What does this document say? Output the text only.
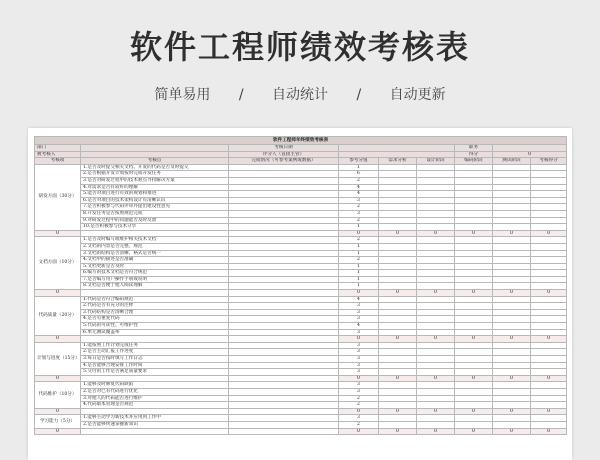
软件工程师绩效考核表
简单易用 / 自动统计 / 自动更新
软件工程师年终绩效考核表								
部门		考核日期				职务		
被考核人		评分人（直接主管）				得分	0	
考核项	考核点	完成情况（可参考案例或数据）	参考分值	需求分析	设计阶段	编码阶段	测试阶段	考核得分
研发方面（30分）	1.是否及时提交相关文档、开发的代码是否及时提交		1					
	2.是否根据开发计划按时完成开发任务		6					
	3.是否对研发过程中的技术难点寻找解决方案		2					
	4.对需求是否有较好的理解		4					
	5.能否对项目进行有效的规划和推进		4					
	6.是否对项目的技术架构设计有清晰认识		3					
	7.是否积极参与代码评审并提出建设性意见		2					
	8.开发任务是否按照规范完成		3					
	9.对研发过程中的问题能否及时反馈		2					
	10.是否积极参与技术分享		1					
0			0	0	0	0	0	0
文档方面（10分）	1.是否及时编写或维护相关技术文档		2					
	2.文档的内容是否完整、规范		1					
	3.文档的结构是否清晰、格式是否统一		1					
	4.文档中的描述是否准确		2					
	5.文档更新是否及时		1					
	6.编写的技术文档是否符合规范		1					
	7.是否编写用户操作手册或说明		1					
	8.文档是否便于他人阅读理解		1					
0			0	0	0	0	0	0
代码质量（20分）	1.代码是否符合编码规范		4					
	2.代码是否有充分的注释		3					
	3.代码结构是否清晰合理		3					
	4.是否有重复代码		3					
	5.代码的可读性、可维护性		4					
	6.单元测试覆盖率		3					
0			0	0	0	0	0	0
计划与进度（15分）	1.能按照工作计划完成任务		3					
	2.是否主动汇报工作进度		3					
	3.每日是否按时填写工作日志		3					
	4.是否能够合理安排工作时间		3					
	5.交付的工作是否满足质量要求		3					
0			0	0	0	0	0	0
代码维护（10分）	1.能够及时修复代码缺陷		3					
	2.是否对已有代码进行优化		3					
	3.对他人的代码能否进行维护		2					
	4.代码版本管理是否规范		2					
0			0	0	0	0	0	0
学习能力（5分）	1.能够主动学习新技术并应用到工作中		3					
	2.是否能够快速掌握新知识		2					
0			0	0	0	0	0	0
